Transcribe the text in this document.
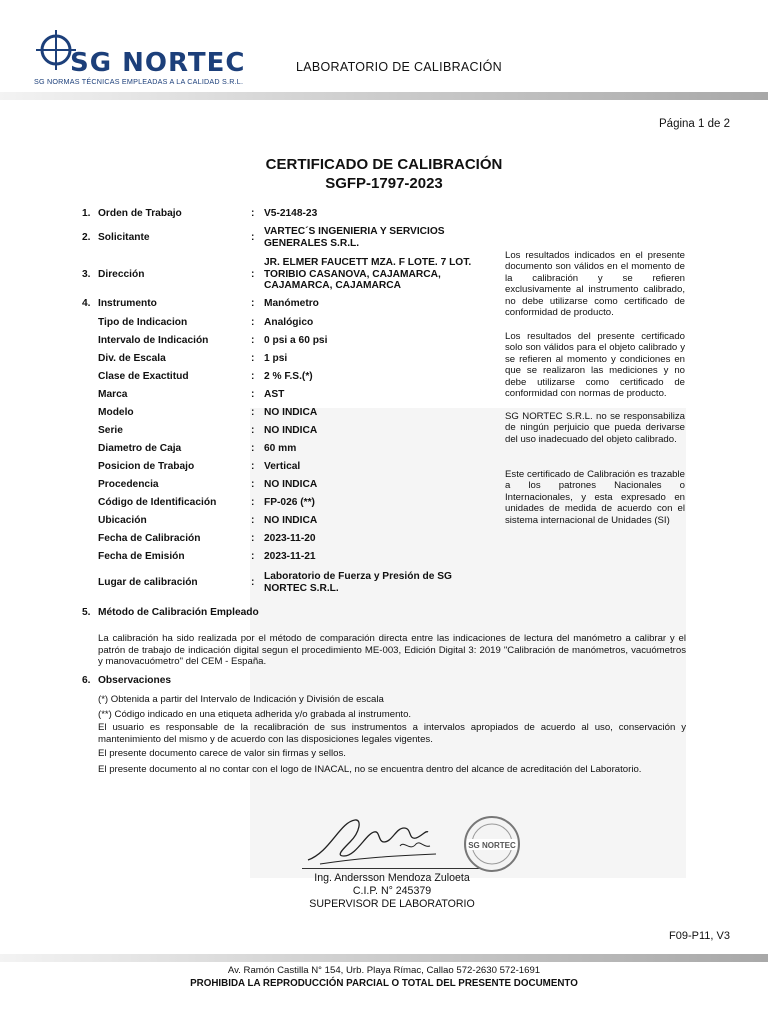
SG NORTEC
SG NORMAS TÉCNICAS EMPLEADAS A LA CALIDAD S.R.L.
LABORATORIO DE CALIBRACIÓN
Página 1 de 2
CERTIFICADO DE CALIBRACIÓN
SGFP-1797-2023
1. Orden de Trabajo	: V5-2148-23
2. Solicitante	:
VARTEC´S INGENIERIA Y SERVICIOS GENERALES S.R.L.
3. Dirección	:
JR. ELMER FAUCETT MZA. F LOTE. 7 LOT. TORIBIO CASANOVA, CAJAMARCA, CAJAMARCA, CAJAMARCA
4. Instrumento	: Manómetro
Tipo de Indicacion	: Analógico
Intervalo de Indicación	: 0 psi a 60 psi
Div. de Escala	: 1 psi
Clase de Exactitud	: 2 % F.S.(*)
Marca	: AST
Modelo	: NO INDICA
Serie	: NO INDICA
Diametro de Caja	: 60 mm
Posicion de Trabajo	: Vertical
Procedencia	: NO INDICA
Código de Identificación	: FP-026 (**)
Ubicación	: NO INDICA
Fecha de Calibración	: 2023-11-20
Fecha de Emisión	: 2023-11-21
Lugar de calibración	:
Laboratorio de Fuerza y Presión de SG NORTEC S.R.L.
Los resultados indicados en el presente documento son válidos en el momento de la calibración y se refieren exclusivamente al instrumento calibrado, no debe utilizarse como certificado de conformidad de producto.
Los resultados del presente certificado solo son válidos para el objeto calibrado y se refieren al momento y condiciones en que se realizaron las mediciones y no debe utilizarse como certificado de conformidad con normas de producto.
SG NORTEC S.R.L. no se responsabiliza de ningún perjuicio que pueda derivarse del uso inadecuado del objeto calibrado.
Este certificado de Calibración es trazable a los patrones Nacionales o Internacionales, y esta expresado en unidades de medida de acuerdo con el sistema internacional de Unidades (SI)
5. Método de Calibración Empleado
La calibración ha sido realizada por el método de comparación directa entre las indicaciones de lectura del manómetro a calibrar y el patrón de trabajo de indicación digital segun el procedimiento ME-003, Edición Digital 3: 2019 "Calibración de manómetros, vacuómetros y manovacuómetro" del CEM - España.
6. Observaciones
(*) Obtenida a partir del Intervalo de Indicación y División de escala
(**) Código indicado en una etiqueta adherida y/o grabada al instrumento.
El usuario es responsable de la recalibración de sus instrumentos a intervalos apropiados de acuerdo al uso, conservación y mantenimiento del mismo y de acuerdo con las disposiciones legales vigentes.
El presente documento carece de valor sin firmas y sellos.
El presente documento al no contar con el logo de INACAL, no se encuentra dentro del alcance de acreditación del Laboratorio.
SG NORTEC
Ing. Andersson Mendoza Zuloeta
C.I.P. N° 245379
SUPERVISOR DE LABORATORIO
F09-P11, V3
Av. Ramón Castilla N° 154, Urb. Playa Rímac, Callao 572-2630 572-1691
PROHIBIDA LA REPRODUCCIÓN PARCIAL O TOTAL DEL PRESENTE DOCUMENTO
